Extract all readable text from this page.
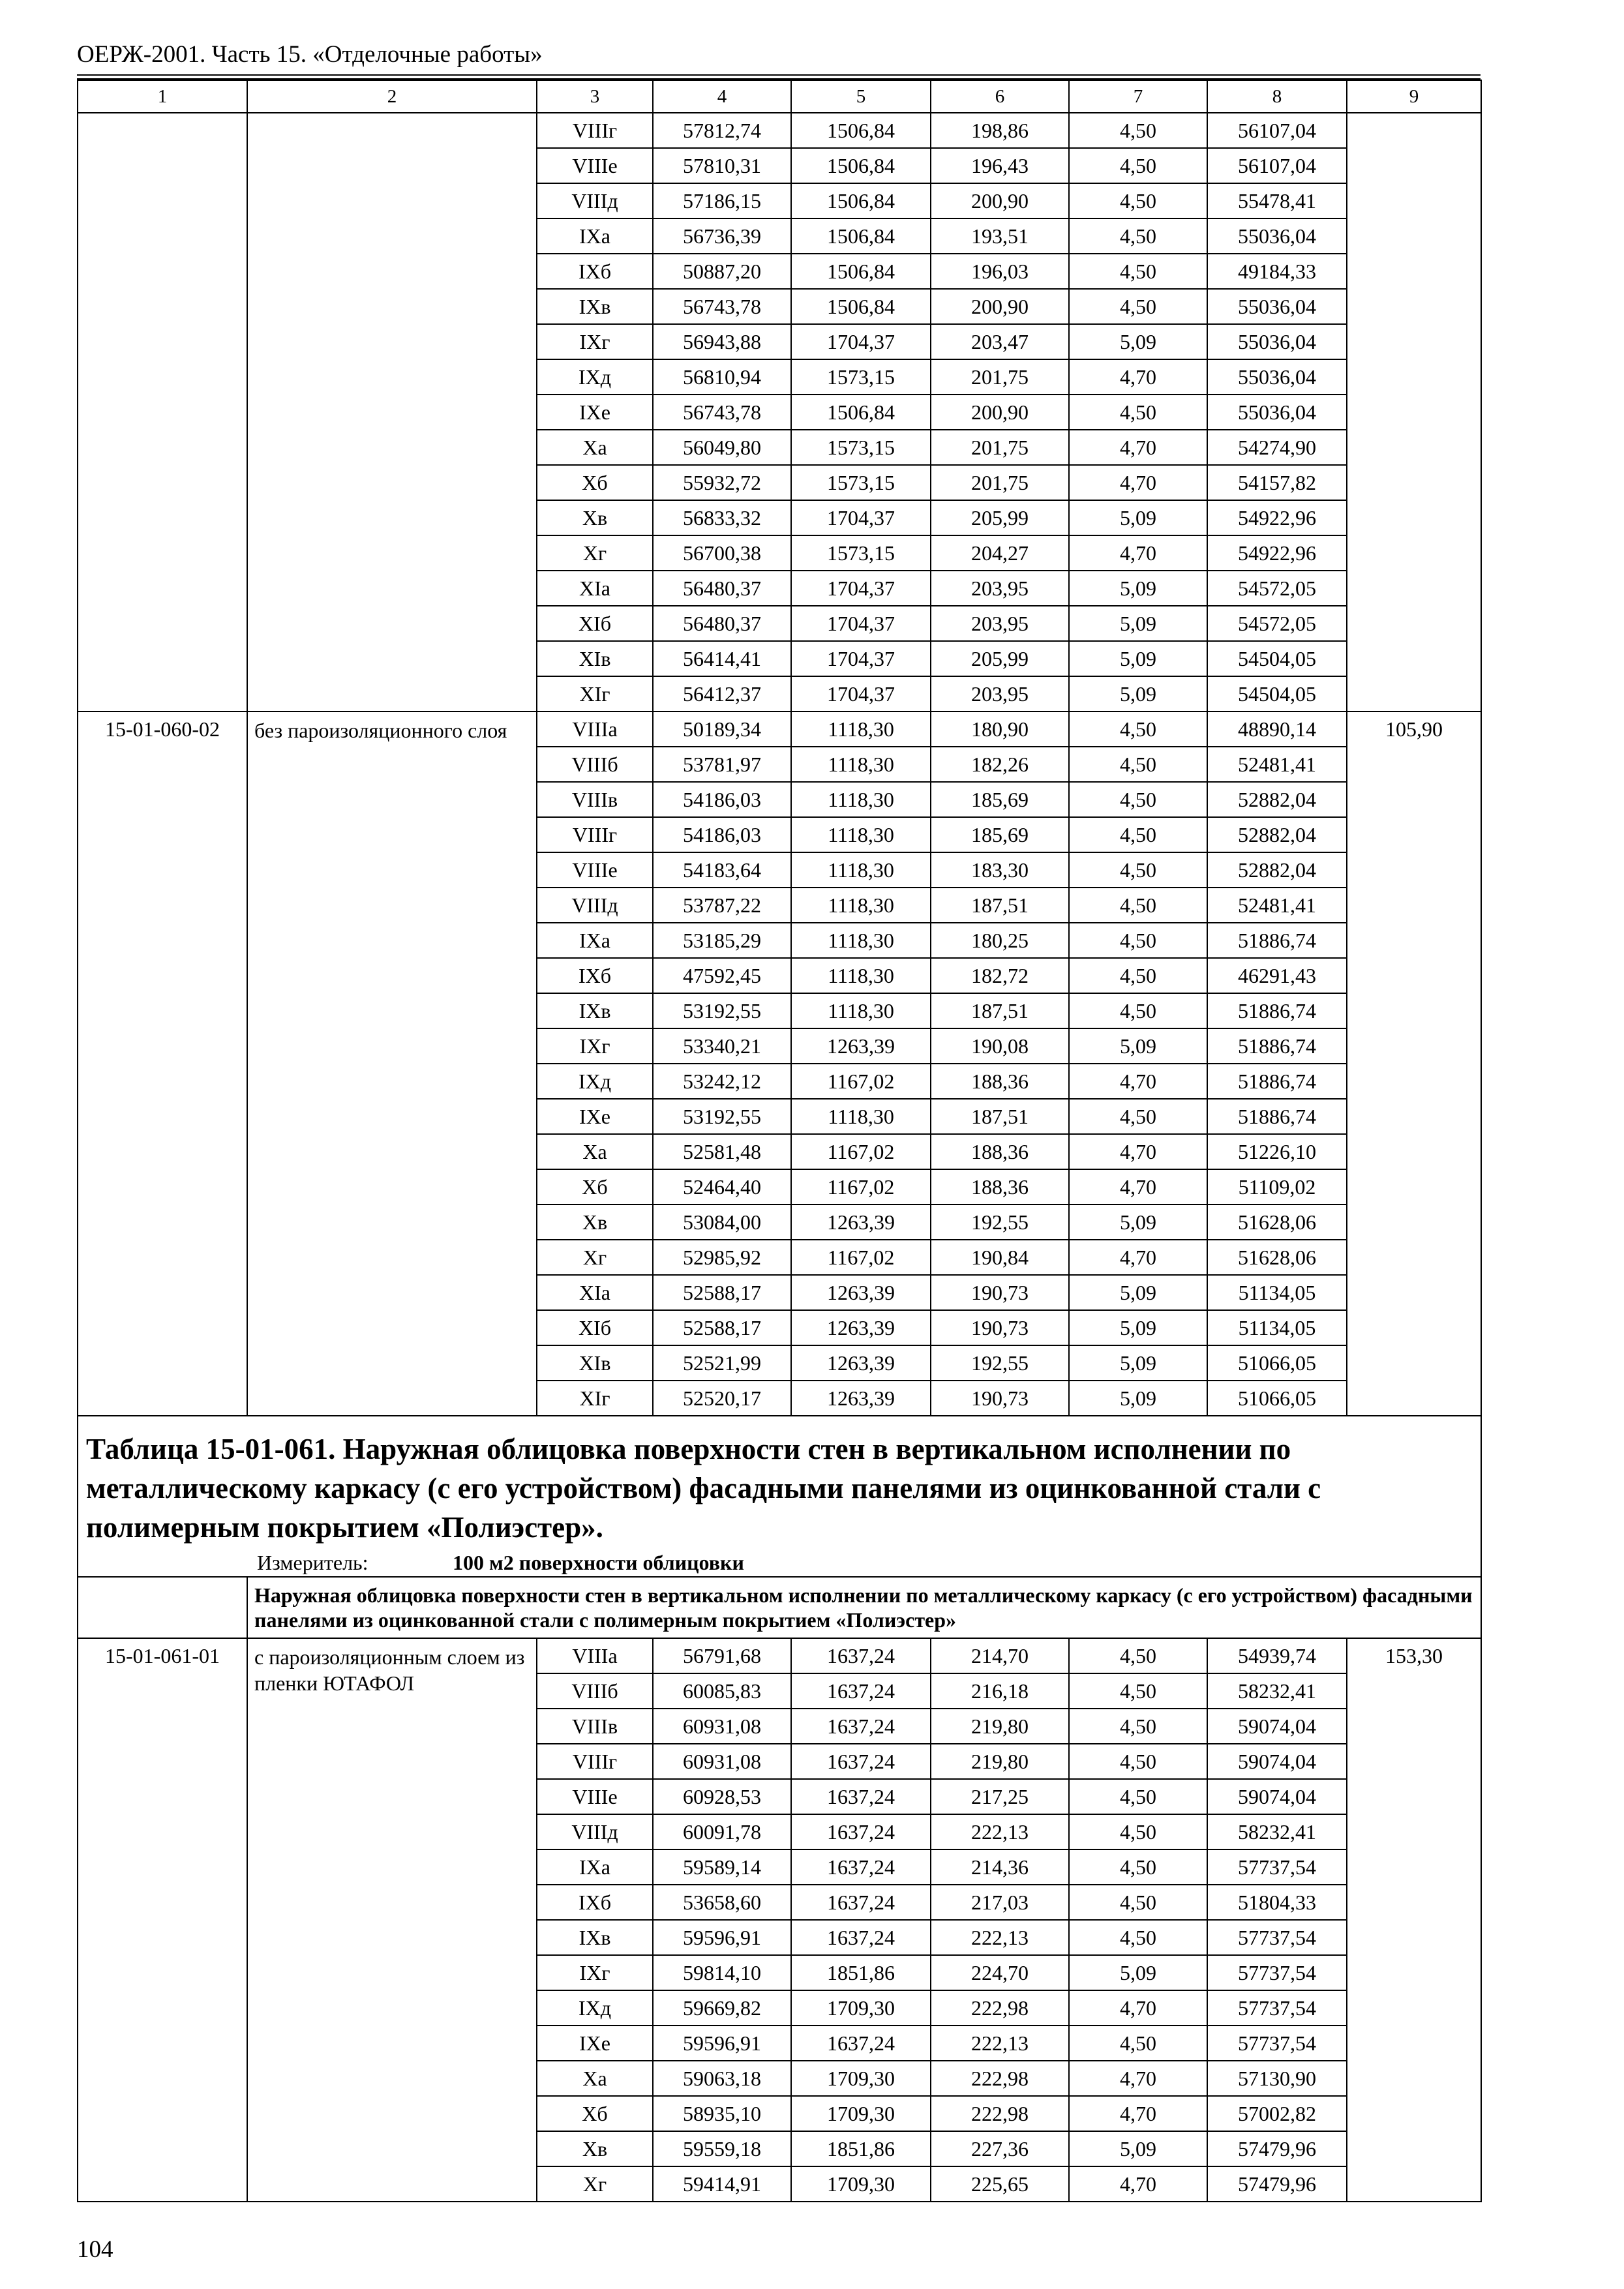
ОЕРЖ-2001. Часть 15. «Отделочные работы»
1	2	3	4	5	6	7	8	9
		VIIIг	57812,74	1506,84	198,86	4,50	56107,04	
		VIIIе	57810,31	1506,84	196,43	4,50	56107,04	
		VIIIд	57186,15	1506,84	200,90	4,50	55478,41	
		IXа	56736,39	1506,84	193,51	4,50	55036,04	
		IXб	50887,20	1506,84	196,03	4,50	49184,33	
		IXв	56743,78	1506,84	200,90	4,50	55036,04	
		IXг	56943,88	1704,37	203,47	5,09	55036,04	
		IXд	56810,94	1573,15	201,75	4,70	55036,04	
		IXе	56743,78	1506,84	200,90	4,50	55036,04	
		Xа	56049,80	1573,15	201,75	4,70	54274,90	
		Xб	55932,72	1573,15	201,75	4,70	54157,82	
		Xв	56833,32	1704,37	205,99	5,09	54922,96	
		Xг	56700,38	1573,15	204,27	4,70	54922,96	
		XIа	56480,37	1704,37	203,95	5,09	54572,05	
		XIб	56480,37	1704,37	203,95	5,09	54572,05	
		XIв	56414,41	1704,37	205,99	5,09	54504,05	
		XIг	56412,37	1704,37	203,95	5,09	54504,05	
15-01-060-02	без пароизоляционного слоя	VIIIа	50189,34	1118,30	180,90	4,50	48890,14	105,90
		VIIIб	53781,97	1118,30	182,26	4,50	52481,41	
		VIIIв	54186,03	1118,30	185,69	4,50	52882,04	
		VIIIг	54186,03	1118,30	185,69	4,50	52882,04	
		VIIIе	54183,64	1118,30	183,30	4,50	52882,04	
		VIIIд	53787,22	1118,30	187,51	4,50	52481,41	
		IXа	53185,29	1118,30	180,25	4,50	51886,74	
		IXб	47592,45	1118,30	182,72	4,50	46291,43	
		IXв	53192,55	1118,30	187,51	4,50	51886,74	
		IXг	53340,21	1263,39	190,08	5,09	51886,74	
		IXд	53242,12	1167,02	188,36	4,70	51886,74	
		IXе	53192,55	1118,30	187,51	4,50	51886,74	
		Xа	52581,48	1167,02	188,36	4,70	51226,10	
		Xб	52464,40	1167,02	188,36	4,70	51109,02	
		Xв	53084,00	1263,39	192,55	5,09	51628,06	
		Xг	52985,92	1167,02	190,84	4,70	51628,06	
		XIа	52588,17	1263,39	190,73	5,09	51134,05	
		XIб	52588,17	1263,39	190,73	5,09	51134,05	
		XIв	52521,99	1263,39	192,55	5,09	51066,05	
		XIг	52520,17	1263,39	190,73	5,09	51066,05	

Таблица 15-01-061. Наружная облицовка поверхности стен в вертикальном исполнении по металлическому каркасу (с его устройством) фасадными панелями из оцинкованной стали с полимерным покрытием «Полиэстер».
Измеритель: 100 м2 поверхности облицовки								

	Наружная облицовка поверхности стен в вертикальном исполнении по металлическому каркасу (с его устройством) фасадными панелями из оцинкованной стали с полимерным покрытием «Полиэстер»							
15-01-061-01	с пароизоляционным слоем из пленки ЮТАФОЛ	VIIIа	56791,68	1637,24	214,70	4,50	54939,74	153,30
		VIIIб	60085,83	1637,24	216,18	4,50	58232,41	
		VIIIв	60931,08	1637,24	219,80	4,50	59074,04	
		VIIIг	60931,08	1637,24	219,80	4,50	59074,04	
		VIIIе	60928,53	1637,24	217,25	4,50	59074,04	
		VIIIд	60091,78	1637,24	222,13	4,50	58232,41	
		IXа	59589,14	1637,24	214,36	4,50	57737,54	
		IXб	53658,60	1637,24	217,03	4,50	51804,33	
		IXв	59596,91	1637,24	222,13	4,50	57737,54	
		IXг	59814,10	1851,86	224,70	5,09	57737,54	
		IXд	59669,82	1709,30	222,98	4,70	57737,54	
		IXе	59596,91	1637,24	222,13	4,50	57737,54	
		Xа	59063,18	1709,30	222,98	4,70	57130,90	
		Xб	58935,10	1709,30	222,98	4,70	57002,82	
		Xв	59559,18	1851,86	227,36	5,09	57479,96	
		Xг	59414,91	1709,30	225,65	4,70	57479,96	
104
